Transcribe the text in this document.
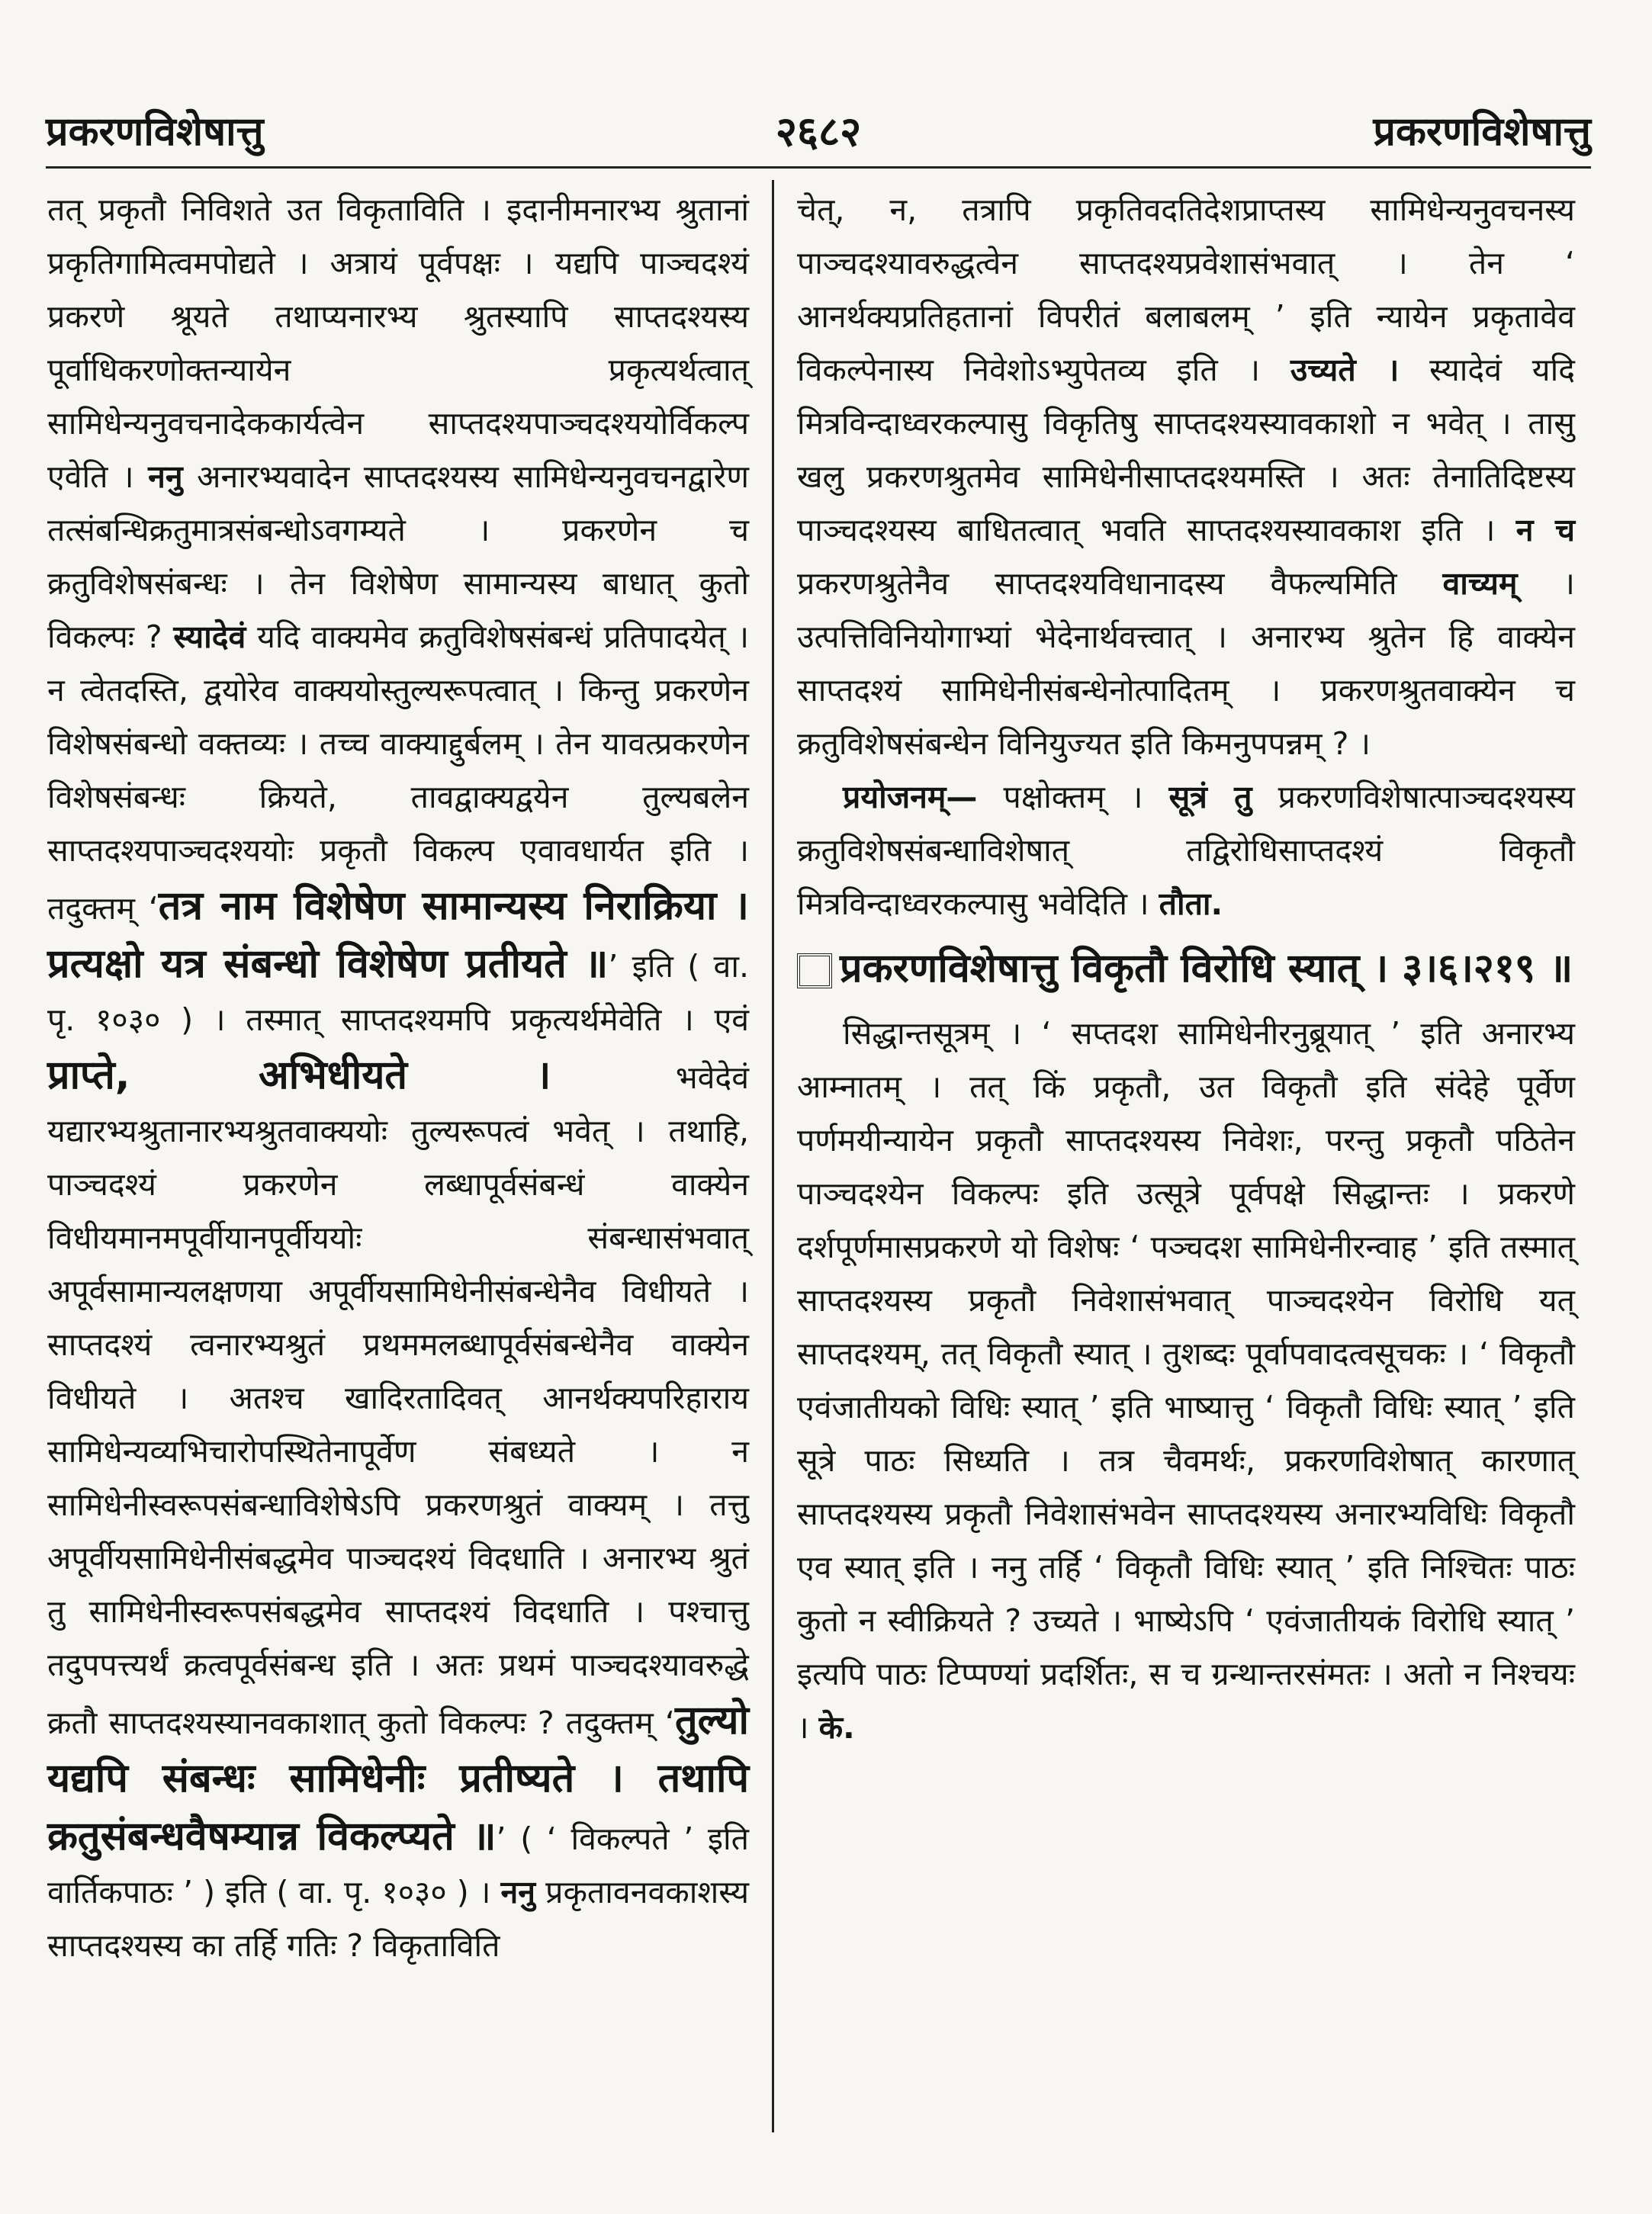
प्रकरणविशेषात्तु	२६८२	प्रकरणविशेषात्तु

तत् प्रकृतौ निविशते उत विकृताविति । इदानीमनारभ्य श्रुतानां प्रकृतिगामित्वमपोद्यते । अत्रायं पूर्वपक्षः । यद्यपि पाञ्चदश्यं प्रकरणे श्रूयते तथाप्यनारभ्य श्रुतस्यापि साप्तदश्यस्य पूर्वाधिकरणोक्तन्यायेन प्रकृत्यर्थत्वात् सामिधेन्यनुवचनादेककार्यत्वेन साप्तदश्यपाञ्चदश्ययोर्विकल्प एवेति । ननु अनारभ्यवादेन साप्तदश्यस्य सामिधेन्यनुवचनद्वारेण तत्संबन्धिक्रतुमात्रसंबन्धोऽवगम्यते । प्रकरणेन च क्रतुविशेषसंबन्धः । तेन विशेषेण सामान्यस्य बाधात् कुतो विकल्पः ? स्यादेवं यदि वाक्यमेव क्रतुविशेषसंबन्धं प्रतिपादयेत् । न त्वेतदस्ति, द्वयोरेव वाक्ययोस्तुल्यरूपत्वात् । किन्तु प्रकरणेन विशेषसंबन्धो वक्तव्यः । तच्च वाक्याद्दुर्बलम् । तेन यावत्प्रकरणेन विशेषसंबन्धः क्रियते, तावद्वाक्यद्वयेन तुल्यबलेन साप्तदश्यपाञ्चदश्ययोः प्रकृतौ विकल्प एवावधार्यत इति । तदुक्तम् ‘तत्र नाम विशेषेण सामान्यस्य निराक्रिया । प्रत्यक्षो यत्र संबन्धो विशेषेण प्रतीयते ॥’ इति ( वा. पृ. १०३० ) । तस्मात् साप्तदश्यमपि प्रकृत्यर्थमेवेति । एवं प्राप्ते, अभिधीयते ।	भवेदेवं यद्यारभ्यश्रुतानारभ्यश्रुतवाक्ययोः तुल्यरूपत्वं भवेत् । तथाहि, पाञ्चदश्यं प्रकरणेन लब्धापूर्वसंबन्धं वाक्येन विधीयमानमपूर्वीयानपूर्वीययोः संबन्धासंभवात् अपूर्वसामान्यलक्षणया अपूर्वीयसामिधेनीसंबन्धेनैव विधीयते । साप्तदश्यं त्वनारभ्यश्रुतं प्रथममलब्धापूर्वसंबन्धेनैव वाक्येन विधीयते । अतश्च खादिरतादिवत् आनर्थक्यपरिहाराय सामिधेन्यव्यभिचारोपस्थितेनापूर्वेण संबध्यते । न सामिधेनीस्वरूपसंबन्धाविशेषेऽपि प्रकरणश्रुतं वाक्यम् । तत्तु अपूर्वीयसामिधेनीसंबद्धमेव पाञ्चदश्यं विदधाति । अनारभ्य श्रुतं तु सामिधेनीस्वरूपसंबद्धमेव साप्तदश्यं विदधाति । पश्चात्तु तदुपपत्त्यर्थं क्रत्वपूर्वसंबन्ध इति । अतः प्रथमं पाञ्चदश्यावरुद्धे क्रतौ साप्तदश्यस्यानवकाशात् कुतो विकल्पः ? तदुक्तम् ‘तुल्यो यद्यपि संबन्धः सामिधेनीः प्रतीष्यते । तथापि क्रतुसंबन्धवैषम्यान्न विकल्प्यते ॥’ ( ‘ विकल्पते ’ इति वार्तिकपाठः ’ ) इति ( वा. पृ. १०३० ) । ननु प्रकृतावनवकाशस्य साप्तदश्यस्य का तर्हि गतिः ? विकृताविति

चेत्, न, तत्रापि प्रकृतिवदतिदेशप्राप्तस्य सामिधेन्यनुवचनस्य पाञ्चदश्यावरुद्धत्वेन साप्तदश्यप्रवेशासंभवात् । तेन ‘ आनर्थक्यप्रतिहतानां विपरीतं बलाबलम् ’ इति न्यायेन प्रकृतावेव विकल्पेनास्य निवेशोऽभ्युपेतव्य इति । उच्यते । स्यादेवं यदि मित्रविन्दाध्वरकल्पासु विकृतिषु साप्तदश्यस्यावकाशो न भवेत् । तासु खलु प्रकरणश्रुतमेव सामिधेनीसाप्तदश्यमस्ति । अतः तेनातिदिष्टस्य पाञ्चदश्यस्य बाधितत्वात् भवति साप्तदश्यस्यावकाश इति । न च प्रकरणश्रुतेनैव साप्तदश्यविधानादस्य वैफल्यमिति वाच्यम् । उत्पत्तिविनियोगाभ्यां भेदेनार्थवत्त्वात् । अनारभ्य श्रुतेन हि वाक्येन साप्तदश्यं सामिधेनीसंबन्धेनोत्पादितम् । प्रकरणश्रुतवाक्येन च क्रतुविशेषसंबन्धेन विनियुज्यत इति किमनुपपन्नम् ? ।

प्रयोजनम्— पक्षोक्तम् । सूत्रं तु प्रकरणविशेषात्पाञ्चदश्यस्य क्रतुविशेषसंबन्धाविशेषात् तद्विरोधिसाप्तदश्यं विकृतौ मित्रविन्दाध्वरकल्पासु भवेदिति । तौता.

प्रकरणविशेषात्तु विकृतौ विरोधि स्यात् । ३।६।२१९ ॥

सिद्धान्तसूत्रम् । ‘ सप्तदश सामिधेनीरनुब्रूयात् ’ इति अनारभ्य आम्नातम् । तत् किं प्रकृतौ, उत विकृतौ इति संदेहे पूर्वेण पर्णमयीन्यायेन प्रकृतौ साप्तदश्यस्य निवेशः, परन्तु प्रकृतौ पठितेन पाञ्चदश्येन विकल्पः इति उत्सूत्रे पूर्वपक्षे सिद्धान्तः । प्रकरणे दर्शपूर्णमासप्रकरणे यो विशेषः ‘ पञ्चदश सामिधेनीरन्वाह ’ इति तस्मात् साप्तदश्यस्य प्रकृतौ निवेशासंभवात् पाञ्चदश्येन विरोधि यत् साप्तदश्यम्, तत् विकृतौ स्यात् । तुशब्दः पूर्वापवादत्वसूचकः । ‘ विकृतौ एवंजातीयको विधिः स्यात् ’ इति भाष्यात्तु ‘ विकृतौ विधिः स्यात् ’ इति सूत्रे पाठः सिध्यति । तत्र चैवमर्थः, प्रकरणविशेषात् कारणात् साप्तदश्यस्य प्रकृतौ निवेशासंभवेन साप्तदश्यस्य अनारभ्यविधिः विकृतौ एव स्यात् इति । ननु तर्हि ‘ विकृतौ विधिः स्यात् ’ इति निश्चितः पाठः कुतो न स्वीक्रियते ? उच्यते । भाष्येऽपि ‘ एवंजातीयकं विरोधि स्यात् ’ इत्यपि पाठः टिप्पण्यां प्रदर्शितः, स च ग्रन्थान्तरसंमतः । अतो न निश्चयः । के.
